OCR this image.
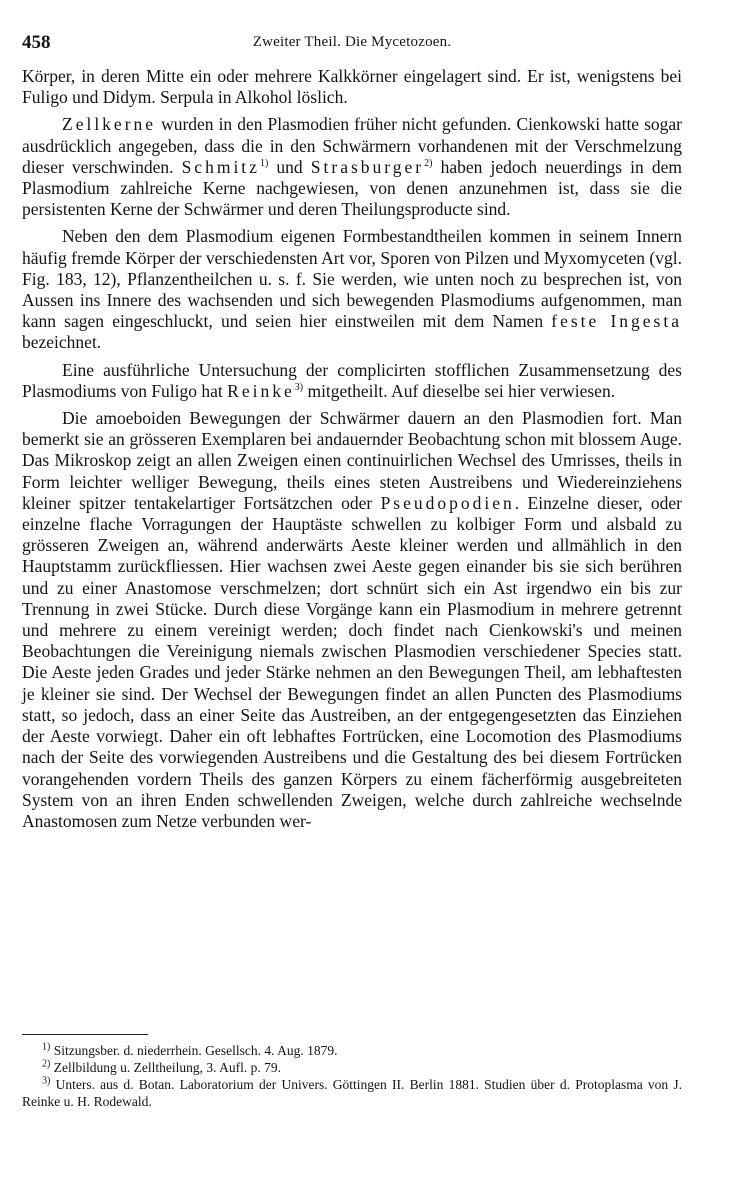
458	Zweiter Theil. Die Mycetozoen.

Körper, in deren Mitte ein oder mehrere Kalkkörner eingelagert sind. Er ist, wenigstens bei Fuligo und Didym. Serpula in Alkohol löslich.

Zellkerne wurden in den Plasmodien früher nicht gefunden. Cienkowski hatte sogar ausdrücklich angegeben, dass die in den Schwärmern vorhandenen mit der Verschmelzung dieser verschwinden. Schmitz$^{1)}$ und Strasburger$^{2)}$ haben jedoch neuerdings in dem Plasmodium zahlreiche Kerne nachgewiesen, von denen anzunehmen ist, dass sie die persistenten Kerne der Schwärmer und deren Theilungsproducte sind.

Neben den dem Plasmodium eigenen Formbestandtheilen kommen in seinem Innern häufig fremde Körper der verschiedensten Art vor, Sporen von Pilzen und Myxomyceten (vgl. Fig. 183, 12), Pflanzentheilchen u. s. f. Sie werden, wie unten noch zu besprechen ist, von Aussen ins Innere des wachsenden und sich bewegenden Plasmodiums aufgenommen, man kann sagen eingeschluckt, und seien hier einstweilen mit dem Namen feste Ingesta bezeichnet.

Eine ausführliche Untersuchung der complicirten stofflichen Zusammensetzung des Plasmodiums von Fuligo hat Reinke$^{3)}$ mitgetheilt. Auf dieselbe sei hier verwiesen.

Die amoeboiden Bewegungen der Schwärmer dauern an den Plasmodien fort. Man bemerkt sie an grösseren Exemplaren bei andauernder Beobachtung schon mit blossem Auge. Das Mikroskop zeigt an allen Zweigen einen continuirlichen Wechsel des Umrisses, theils in Form leichter welliger Bewegung, theils eines steten Austreibens und Wiedereinziehens kleiner spitzer tentakelartiger Fortsätzchen oder Pseudopodien. Einzelne dieser, oder einzelne flache Vorragungen der Hauptäste schwellen zu kolbiger Form und alsbald zu grösseren Zweigen an, während anderwärts Aeste kleiner werden und allmählich in den Hauptstamm zurückfliessen. Hier wachsen zwei Aeste gegen einander bis sie sich berühren und zu einer Anastomose verschmelzen; dort schnürt sich ein Ast irgendwo ein bis zur Trennung in zwei Stücke. Durch diese Vorgänge kann ein Plasmodium in mehrere getrennt und mehrere zu einem vereinigt werden; doch findet nach Cienkowski's und meinen Beobachtungen die Vereinigung niemals zwischen Plasmodien verschiedener Species statt. Die Aeste jeden Grades und jeder Stärke nehmen an den Bewegungen Theil, am lebhaftesten je kleiner sie sind. Der Wechsel der Bewegungen findet an allen Puncten des Plasmodiums statt, so jedoch, dass an einer Seite das Austreiben, an der entgegengesetzten das Einziehen der Aeste vorwiegt. Daher ein oft lebhaftes Fortrücken, eine Locomotion des Plasmodiums nach der Seite des vorwiegenden Austreibens und die Gestaltung des bei diesem Fortrücken vorangehenden vordern Theils des ganzen Körpers zu einem fächerförmig ausgebreiteten System von an ihren Enden schwellenden Zweigen, welche durch zahlreiche wechselnde Anastomosen zum Netze verbunden wer-

$^{1)}$ Sitzungsber. d. niederrhein. Gesellsch. 4. Aug. 1879.

$^{2)}$ Zellbildung u. Zelltheilung, 3. Aufl. p. 79.

$^{3)}$ Unters. aus d. Botan. Laboratorium der Univers. Göttingen II. Berlin 1881. Studien über d. Protoplasma von J. Reinke u. H. Rodewald.
